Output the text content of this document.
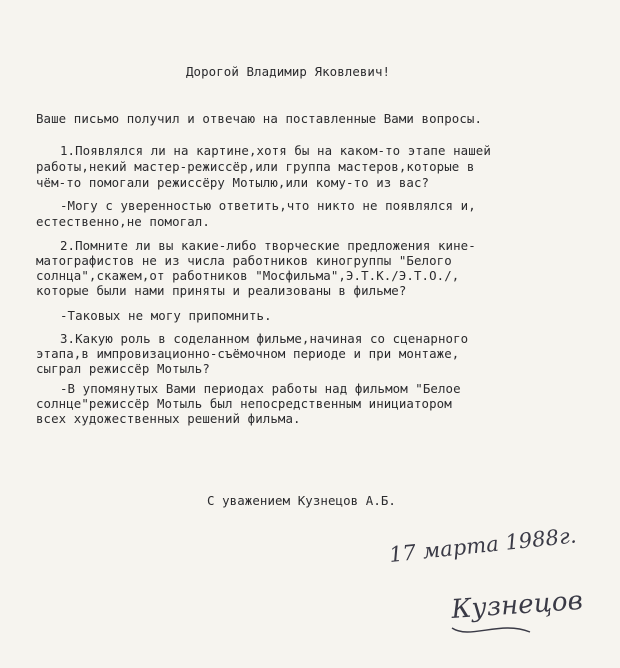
Дорогой Владимир Яковлевич!
Ваше письмо получил и отвечаю на поставленные Вами вопросы.
1.Появлялся ли на картине,хотя бы на каком-то этапе нашей
работы,некий мастер-режиссёр,или группа мастеров,которые в
чём-то помогали режиссёру Мотылю,или кому-то из вас?
-Могу с уверенностью ответить,что никто не появлялся и,
естественно,не помогал.
2.Помните ли вы какие-либо творческие предложения кине-
матографистов не из числа работников киногруппы "Белого
солнца",скажем,от работников "Мосфильма",Э.Т.К./Э.Т.О./,
которые были нами приняты и реализованы в фильме?
-Таковых не могу припомнить.
3.Какую роль в соделанном фильме,начиная со сценарного
этапа,в импровизационно-съёмочном периоде и при монтаже,
сыграл режиссёр Мотыль?
-В упомянутых Вами периодах работы над фильмом "Белое
солнце"режиссёр Мотыль был непосредственным инициатором
всех художественных решений фильма.
С уважением Кузнецов А.Б.
17 марта 1988г.
Кузнецов
